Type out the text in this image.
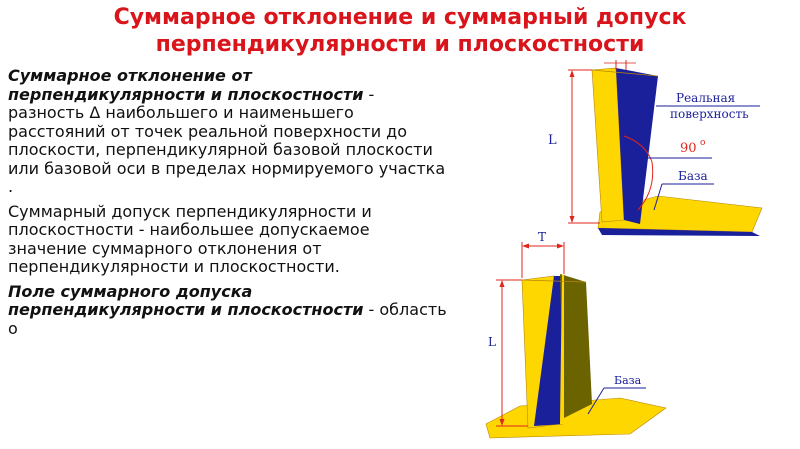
Суммарное отклонение и суммарный допуск
перпендикулярности и плоскостности

Суммарное отклонение от перпендикулярности и плоскостности - разность Δ наибольшего и наименьшего расстояний от точек реальной поверхности до плоскости, перпендикулярной базовой плоскости или базовой оси в пределах нормируемого участка .

Суммарный допуск перпендикулярности и плоскостности - наибольшее допускаемое значение суммарного отклонения от перпендикулярности и плоскостности.

Поле суммарного допуска перпендикулярности и плоскостности - область о

L
Реальная
поверхность
90 о
База
T
L
База
